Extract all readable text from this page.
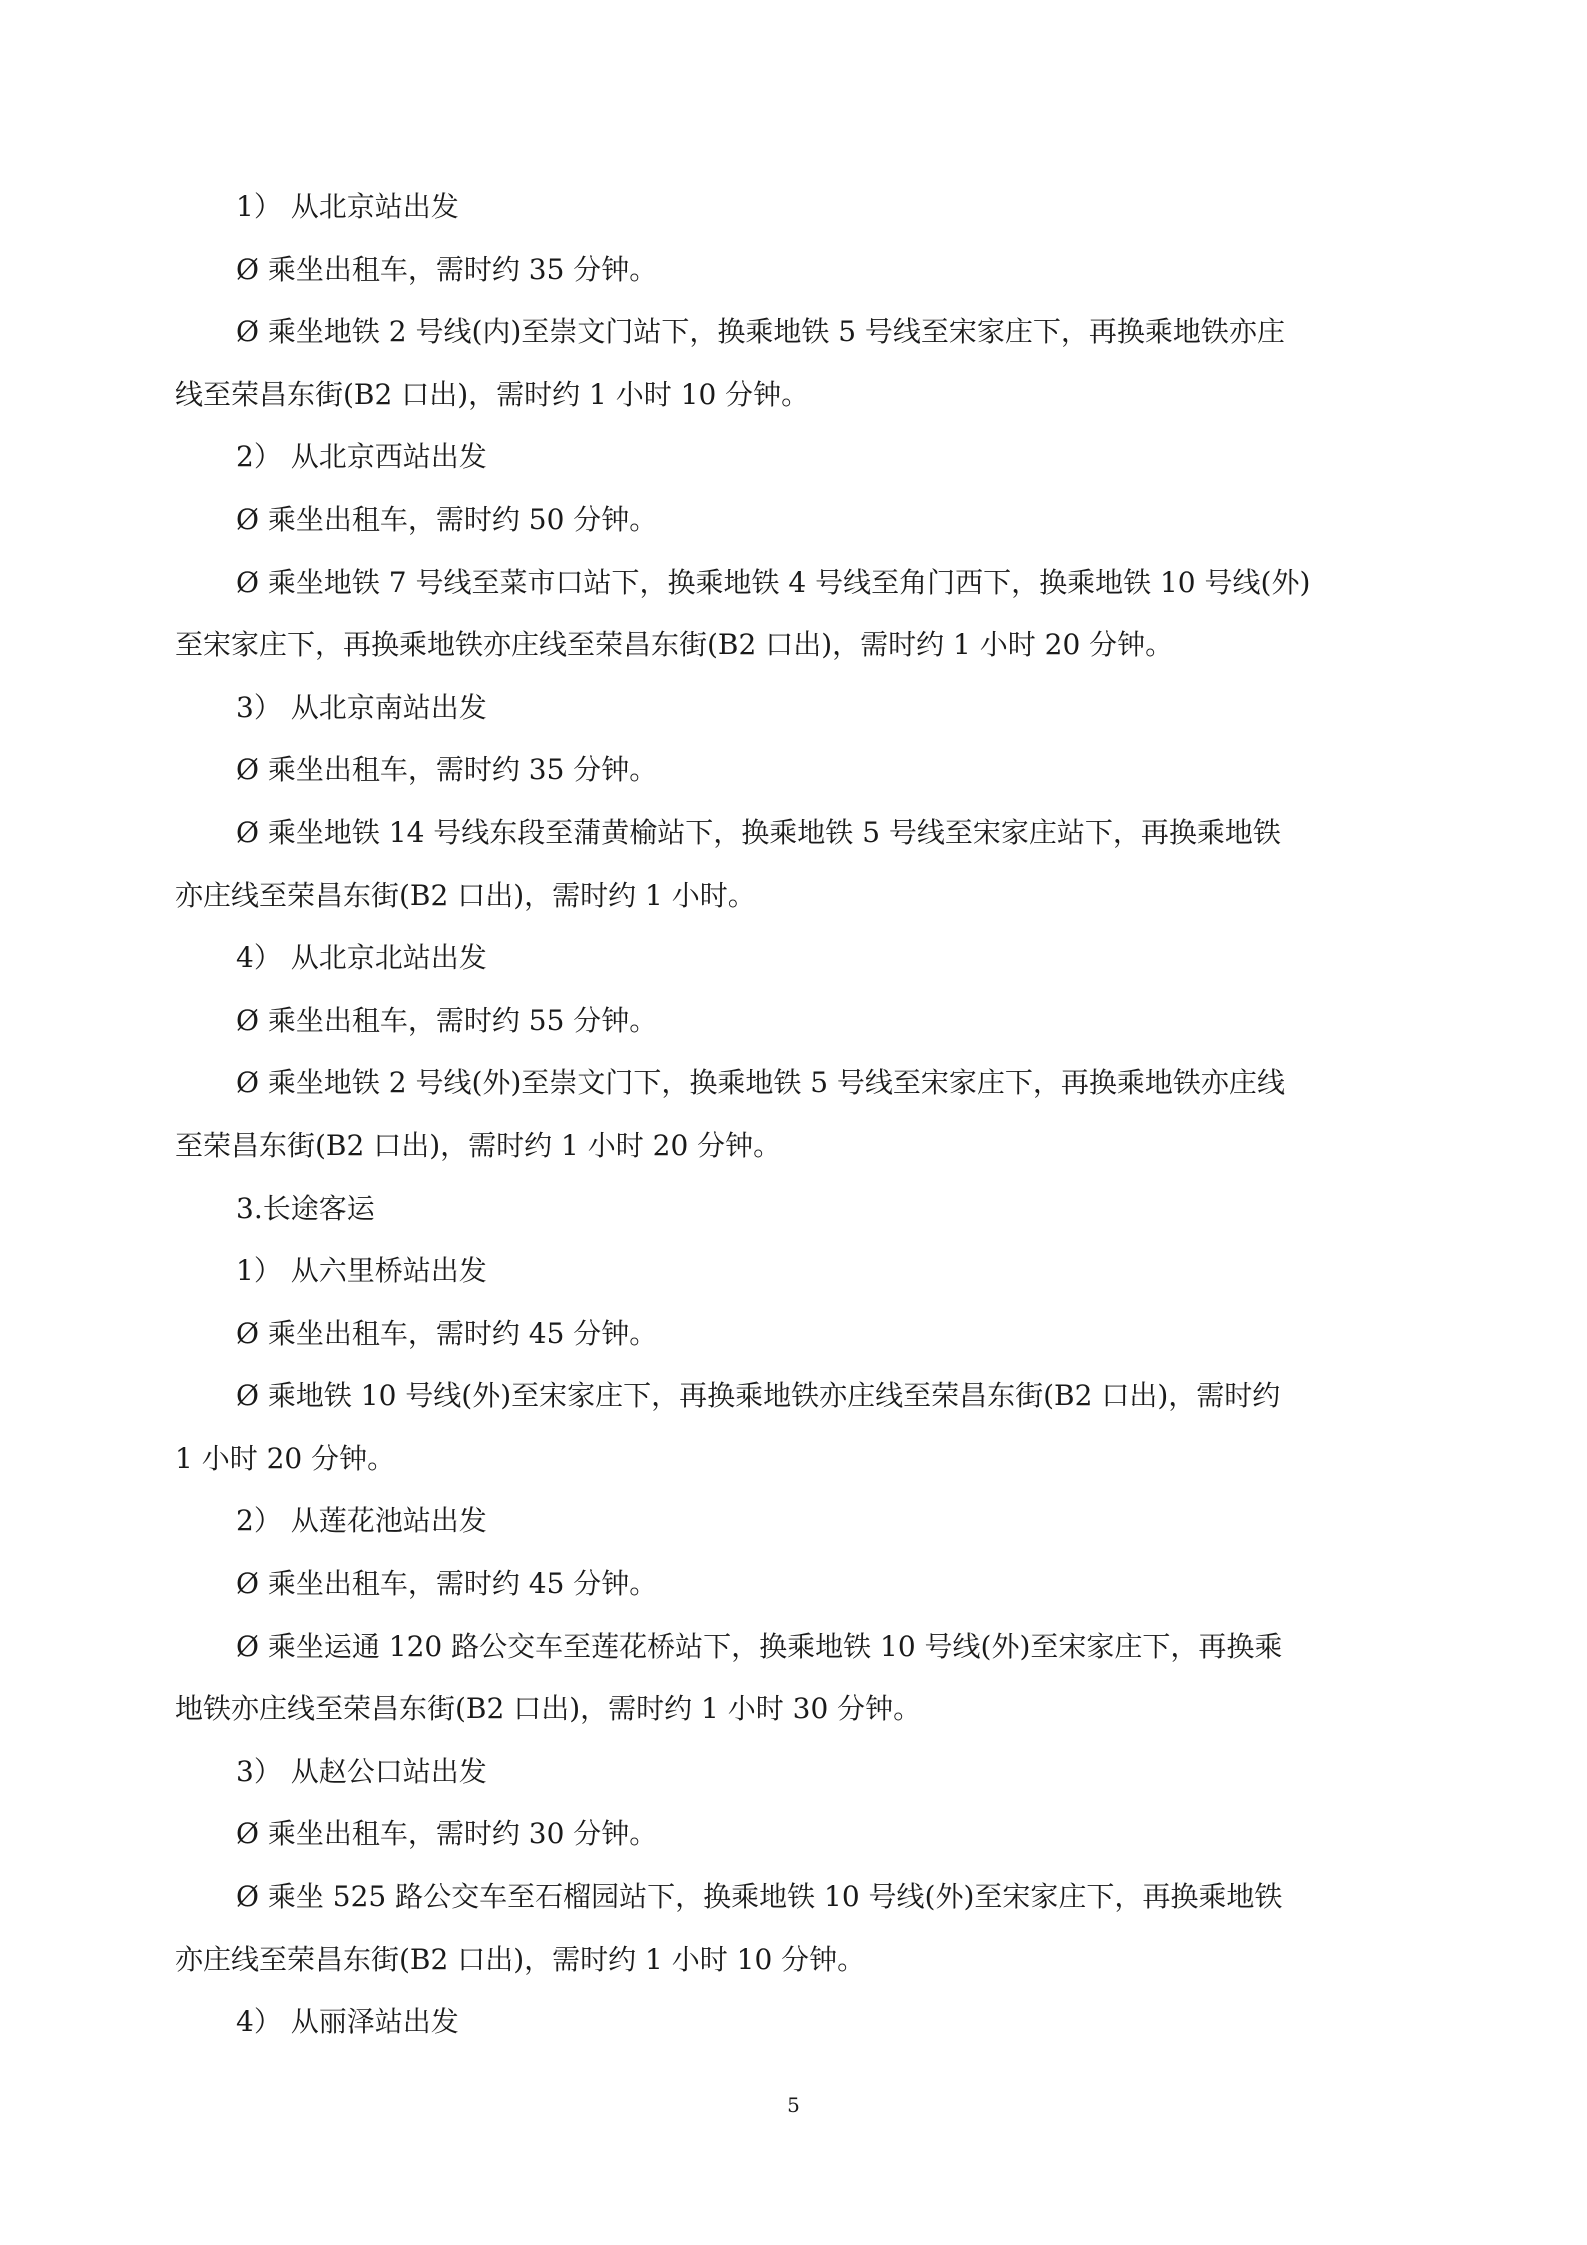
1） 从北京站出发
Ø 乘坐出租车，需时约 35 分钟。
Ø 乘坐地铁 2 号线(内)至崇文门站下，换乘地铁 5 号线至宋家庄下，再换乘地铁亦庄
线至荣昌东街(B2 口出)，需时约 1 小时 10 分钟。
2） 从北京西站出发
Ø 乘坐出租车，需时约 50 分钟。
Ø 乘坐地铁 7 号线至菜市口站下，换乘地铁 4 号线至角门西下，换乘地铁 10 号线(外)
至宋家庄下，再换乘地铁亦庄线至荣昌东街(B2 口出)，需时约 1 小时 20 分钟。
3） 从北京南站出发
Ø 乘坐出租车，需时约 35 分钟。
Ø 乘坐地铁 14 号线东段至蒲黄榆站下，换乘地铁 5 号线至宋家庄站下，再换乘地铁
亦庄线至荣昌东街(B2 口出)，需时约 1 小时。
4） 从北京北站出发
Ø 乘坐出租车，需时约 55 分钟。
Ø 乘坐地铁 2 号线(外)至崇文门下，换乘地铁 5 号线至宋家庄下，再换乘地铁亦庄线
至荣昌东街(B2 口出)，需时约 1 小时 20 分钟。
3.长途客运
1） 从六里桥站出发
Ø 乘坐出租车，需时约 45 分钟。
Ø 乘地铁 10 号线(外)至宋家庄下，再换乘地铁亦庄线至荣昌东街(B2 口出)，需时约
1 小时 20 分钟。
2） 从莲花池站出发
Ø 乘坐出租车，需时约 45 分钟。
Ø 乘坐运通 120 路公交车至莲花桥站下，换乘地铁 10 号线(外)至宋家庄下，再换乘
地铁亦庄线至荣昌东街(B2 口出)，需时约 1 小时 30 分钟。
3） 从赵公口站出发
Ø 乘坐出租车，需时约 30 分钟。
Ø 乘坐 525 路公交车至石榴园站下，换乘地铁 10 号线(外)至宋家庄下，再换乘地铁
亦庄线至荣昌东街(B2 口出)，需时约 1 小时 10 分钟。
4） 从丽泽站出发
5
